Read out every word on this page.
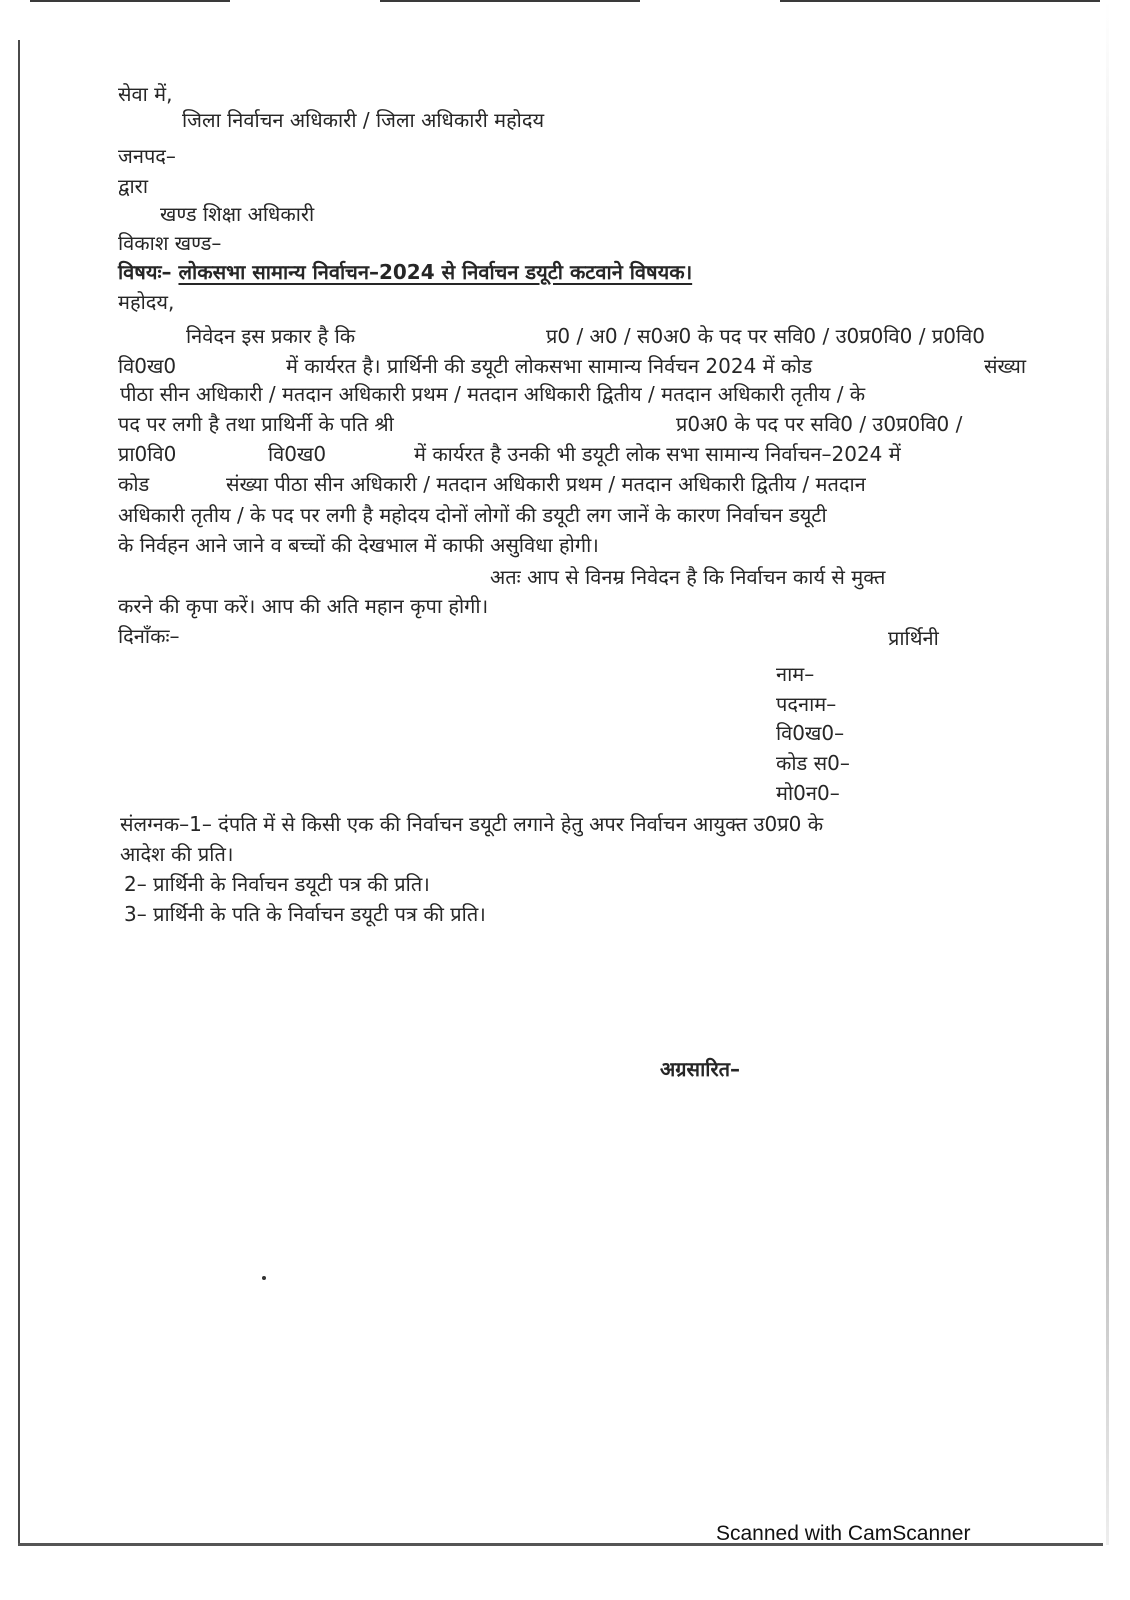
सेवा में,
जिला निर्वाचन अधिकारी / जिला अधिकारी महोदय
जनपद–
द्वारा
खण्ड शिक्षा अधिकारी
विकाश खण्ड–
विषयः– लोकसभा सामान्य निर्वाचन–2024 से निर्वाचन डयूटी कटवाने विषयक।
महोदय,
निवेदन इस प्रकार है कि	प्र0 / अ0 / स0अ0 के पद पर सवि0 / उ0प्र0वि0 / प्र0वि0
वि0ख0	में कार्यरत है। प्रार्थिनी की डयूटी लोकसभा सामान्य निर्वचन 2024 में कोड	संख्या
पीठा सीन अधिकारी / मतदान अधिकारी प्रथम / मतदान अधिकारी द्वितीय / मतदान अधिकारी तृतीय / के
पद पर लगी है तथा प्राथिर्नी के पति श्री	प्र0अ0 के पद पर सवि0 / उ0प्र0वि0 /
प्रा0वि0	वि0ख0	में कार्यरत है उनकी भी डयूटी लोक सभा सामान्य निर्वाचन–2024 में
कोड	संख्या पीठा सीन अधिकारी / मतदान अधिकारी प्रथम / मतदान अधिकारी द्वितीय / मतदान
अधिकारी तृतीय / के पद पर लगी है महोदय दोनों लोगों की डयूटी लग जानें के कारण निर्वाचन डयूटी
के निर्वहन आने जाने व बच्चों की देखभाल में काफी असुविधा होगी।
अतः आप से विनम्र निवेदन है कि निर्वाचन कार्य से मुक्त
करने की कृपा करें। आप की अति महान कृपा होगी।
दिनाँकः–	प्रार्थिनी
नाम–
पदनाम–
वि0ख0–
कोड स0–
मो0न0–
संलग्नक–1– दंपति में से किसी एक की निर्वाचन डयूटी लगाने हेतु अपर निर्वाचन आयुक्त उ0प्र0 के
आदेश की प्रति।
2– प्रार्थिनी के निर्वाचन डयूटी पत्र की प्रति।
3– प्रार्थिनी के पति के निर्वाचन डयूटी पत्र की प्रति।
अग्रसारित–
Scanned with CamScanner
